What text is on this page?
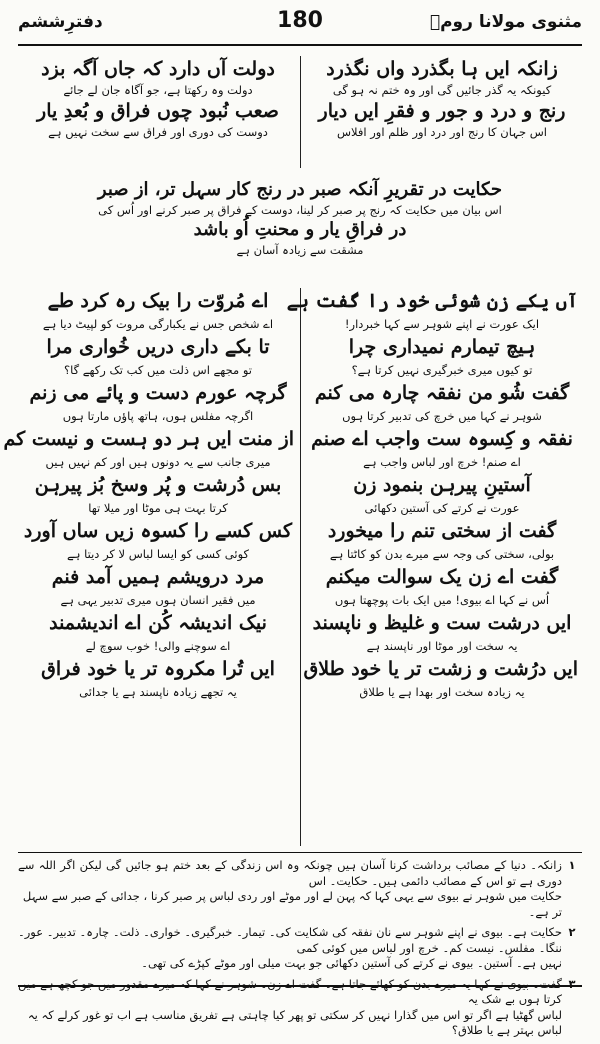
مثنوی مولانا رومؒ
180
دفترِششم
زانکہ ایں ہا بگذرد واں نگذرد
دولت آں دارد کہ جاں آگہ بزد
کیونکہ یہ گذر جائیں گی اور وہ ختم نہ ہو گی
دولت وہ رکھتا ہے، جو آگاہ جان لے جائے
رنج و درد و جور و فقرِ ایں دیار
صعب نُبود چوں فراق و بُعدِ یار
اس جہان کا رنج اور درد اور ظلم اور افلاس
دوست کی دوری اور فراق سے سخت نہیں ہے
حکایت در تقریرِ آنکہ صبر در رنج کار سہل تر، از صبر
اس بیان میں حکایت کہ رنج پر صبر کر لینا، دوست کے فراق پر صبر کرنے اور اُس کی
در فراقِ یار و محنتِ اُو باشد
مشقت سے زیادہ آسان ہے
آں یکے زن شوئی خود را گفت ہے
اے مُروّت را بیک رہ کرد طے
ایک عورت نے اپنے شوہر سے کہا خبردار!
اے شخص جس نے یکبارگی مروت کو لپیٹ دیا ہے
ہیچ تیمارم نمیداری چرا
تا بکے داری دریں خُواری مرا
تو کیوں میری خبرگیری نہیں کرتا ہے؟
تو مجھے اس ذلت میں کب تک رکھے گا؟
گفت شُو من نفقہ چارہ می کنم
گرچہ عورم دست و پائے می زنم
شوہر نے کہا میں خرچ کی تدبیر کرتا ہوں
اگرچہ مفلس ہوں، ہاتھ پاؤں مارتا ہوں
نفقہ و کِسوہ ست واجب اے صنم
از منت ایں ہر دو ہست و نیست کم
اے صنم! خرچ اور لباس واجب ہے
میری جانب سے یہ دونوں ہیں اور کم نہیں ہیں
آستینِ پیرہن بنمود زن
بس دُرشت و پُر وسخ بُز پیرہن
عورت نے کرتے کی آستین دکھائی
کرتا بہت ہی موٹا اور میلا تھا
گفت از سختی تنم را میخورد
کس کسے را کسوہ زیں ساں آورد
بولی، سختی کی وجہ سے میرے بدن کو کاٹتا ہے
کوئی کسی کو ایسا لباس لا کر دیتا ہے
گفت اے زن یک سوالت میکنم
مرد درویشم ہمیں آمد فنم
اُس نے کہا اے بیوی! میں ایک بات پوچھتا ہوں
میں فقیر انسان ہوں میری تدبیر یہی ہے
ایں درشت ست و غلیظ و ناپسند
نیک اندیشہ کُن اے اندیشمند
یہ سخت اور موٹا اور ناپسند ہے
اے سوچنے والی! خوب سوچ لے
ایں درُشت و زشت تر یا خود طلاق
ایں تُرا مکروہ تر یا خود فراق
یہ زیادہ سخت اور بھدا ہے یا طلاق
یہ تجھے زیادہ ناپسند ہے یا جدائی
۱
زانکہ۔ دنیا کے مصائب برداشت کرنا آسان ہیں چونکہ وہ اس زندگی کے بعد ختم ہو جائیں گی لیکن اگر اللہ سے دوری ہے تو اس کے مصائب دائمی ہیں۔ حکایت۔ اس
حکایت میں شوہر نے بیوی سے یہی کہا کہ پہن لے اور موٹے اور ردی لباس پر صبر کرنا ، جدائی کے صبر سے سہل تر ہے۔
۲
حکایت ہے۔ بیوی نے اپنے شوہر سے نان نفقہ کی شکایت کی۔ تیمار۔ خبرگیری۔ خواری۔ ذلت۔ چارہ۔ تدبیر۔ عور۔ ننگا۔ مفلس۔ نیست کم۔ خرچ اور لباس میں کوئی کمی
نہیں ہے۔ آستین۔ بیوی نے کرتے کی آستین دکھائی جو بہت میلی اور موٹے کپڑے کی تھی۔
۳
گفت۔ بیوی نے کہا یہ میرے بدن کو کھائے جاتا ہے۔ گفت اے زن۔ شوہر نے کہا کہ میرے مقدور میں جو کچھ ہے میں کرتا ہوں بے شک یہ
لباس گھٹیا ہے اگر تو اس میں گذارا نہیں کر سکتی تو پھر کیا چاہتی ہے تفریق مناسب ہے اب تو غور کرلے کہ یہ لباس بہتر ہے یا طلاق؟
